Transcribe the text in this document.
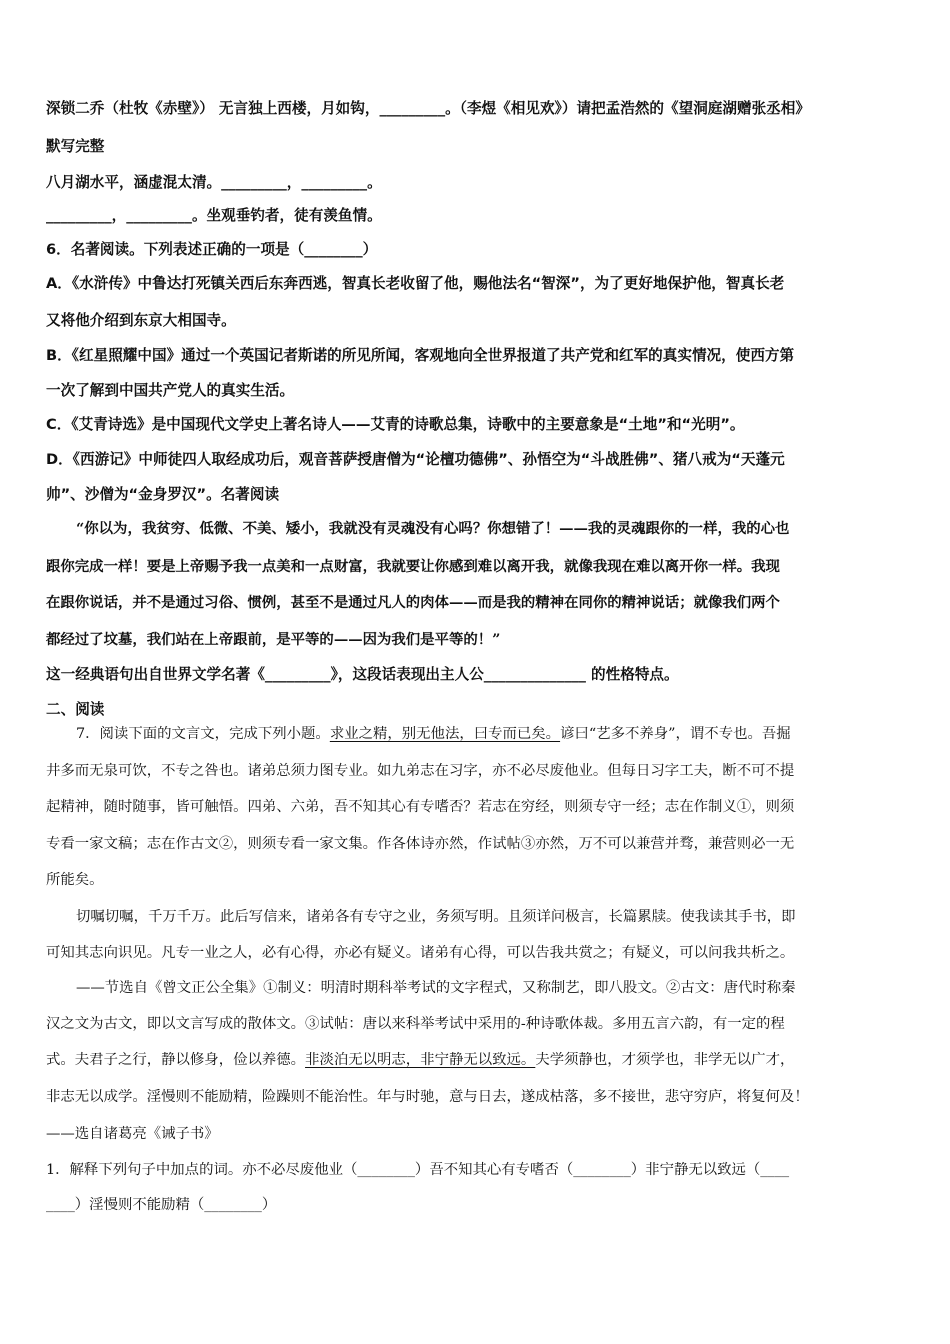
深锁二乔（杜牧《赤壁》） 无言独上西楼，月如钩，_________。（李煜《相见欢》）请把孟浩然的《望洞庭湖赠张丞相》
默写完整
八月湖水平，涵虚混太清。_________，_________。
_________，_________。坐观垂钓者，徒有羡鱼情。
6．名著阅读。下列表述正确的一项是（________）
A．《水浒传》中鲁达打死镇关西后东奔西逃，智真长老收留了他，赐他法名“智深”，为了更好地保护他，智真长老
又将他介绍到东京大相国寺。
B．《红星照耀中国》通过一个英国记者斯诺的所见所闻，客观地向全世界报道了共产党和红军的真实情况，使西方第
一次了解到中国共产党人的真实生活。
C．《艾青诗选》是中国现代文学史上著名诗人——艾青的诗歌总集，诗歌中的主要意象是“土地”和“光明”。
D．《西游记》中师徒四人取经成功后，观音菩萨授唐僧为“论檀功德佛”、孙悟空为“斗战胜佛”、猪八戒为“天蓬元
帅”、沙僧为“金身罗汉”。名著阅读
“你以为，我贫穷、低微、不美、矮小，我就没有灵魂没有心吗？你想错了！——我的灵魂跟你的一样，我的心也
跟你完成一样！要是上帝赐予我一点美和一点财富，我就要让你感到难以离开我，就像我现在难以离开你一样。我现
在跟你说话，并不是通过习俗、惯例，甚至不是通过凡人的肉体——而是我的精神在同你的精神说话；就像我们两个
都经过了坟墓，我们站在上帝跟前，是平等的——因为我们是平等的！”
这一经典语句出自世界文学名著《_________》，这段话表现出主人公______________ 的性格特点。
二、阅读
7．阅读下面的文言文，完成下列小题。求业之精，别无他法，曰专而已矣。谚曰“艺多不养身”，谓不专也。吾掘
井多而无泉可饮，不专之咎也。诸弟总须力图专业。如九弟志在习字，亦不必尽废他业。但每日习字工夫，断不可不提
起精神，随时随事，皆可触悟。四弟、六弟，吾不知其心有专嗜否？若志在穷经，则须专守一经；志在作制义①，则须
专看一家文稿；志在作古文②，则须专看一家文集。作各体诗亦然，作试帖③亦然，万不可以兼营并骛，兼营则必一无
所能矣。
切嘱切嘱，千万千万。此后写信来，诸弟各有专守之业，务须写明。且须详问极言，长篇累牍。使我读其手书，即
可知其志向识见。凡专一业之人，必有心得，亦必有疑义。诸弟有心得，可以告我共赏之；有疑义，可以问我共析之。
——节选自《曾文正公全集》①制义：明清时期科举考试的文字程式，又称制艺，即八股文。②古文：唐代时称秦
汉之文为古文，即以文言写成的散体文。③试帖：唐以来科举考试中采用的-种诗歌体裁。多用五言六韵，有一定的程
式。夫君子之行，静以修身，俭以养德。非淡泊无以明志，非宁静无以致远。夫学须静也，才须学也，非学无以广才，
非志无以成学。淫慢则不能励精，险躁则不能治性。年与时驰，意与日去，遂成枯落，多不接世，悲守穷庐，将复何及！
——选自诸葛亮《诫子书》
1．解释下列句子中加点的词。亦不必尽废他业（________）吾不知其心有专嗜否（________）非宁静无以致远（____
____）淫慢则不能励精（________）
